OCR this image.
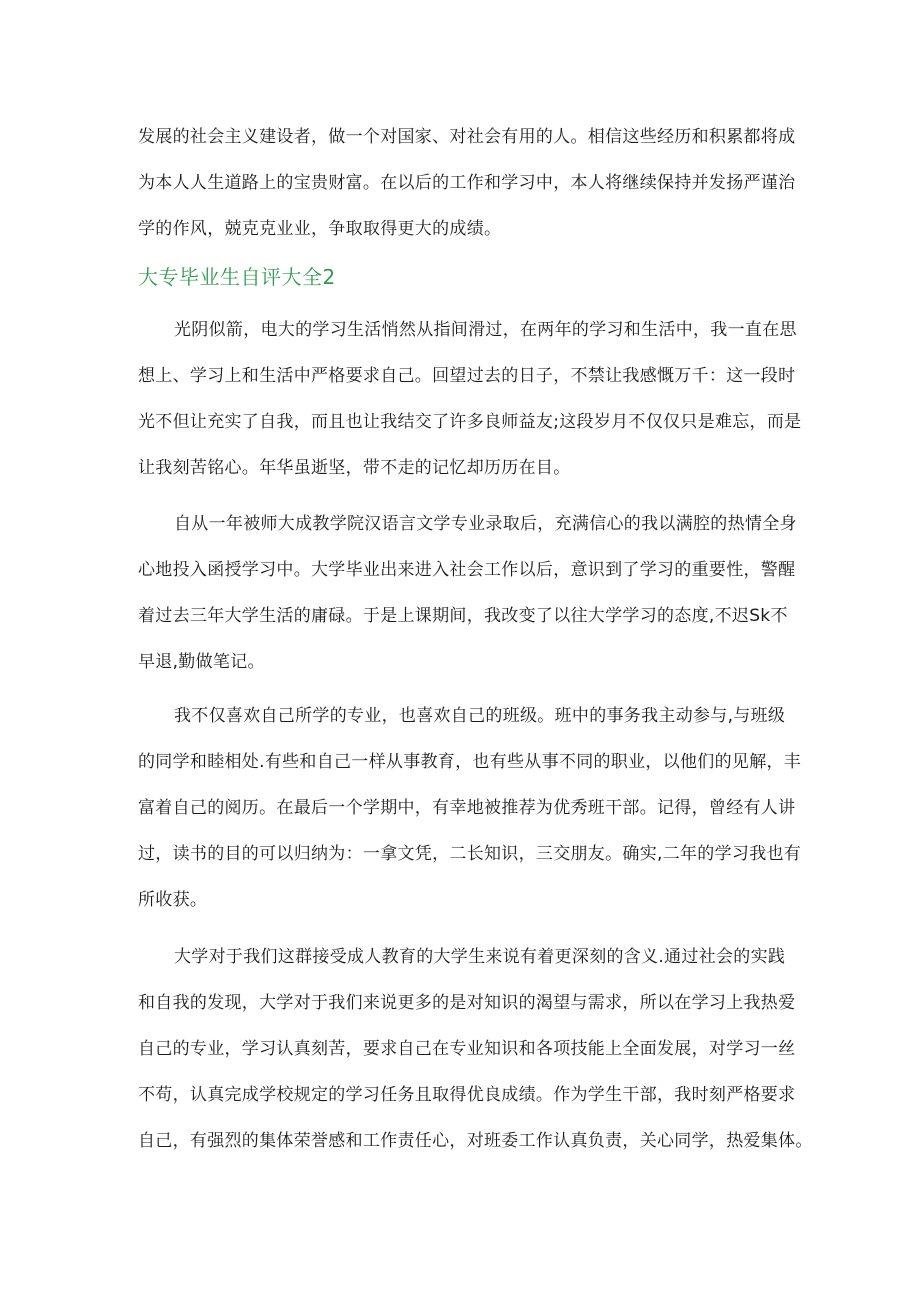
发展的社会主义建设者，做一个对国家、对社会有用的人。相信这些经历和积累都将成
为本人人生道路上的宝贵财富。在以后的工作和学习中，本人将继续保持并发扬严谨治
学的作风，兢克克业业，争取取得更大的成绩。
大专毕业生自评大全2
光阴似箭，电大的学习生活悄然从指间滑过，在两年的学习和生活中，我一直在思
想上、学习上和生活中严格要求自己。回望过去的日子，不禁让我感慨万千：这一段时
光不但让充实了自我，而且也让我结交了许多良师益友;这段岁月不仅仅只是难忘，而是
让我刻苦铭心。年华虽逝坚，带不走的记忆却历历在目。
自从一年被师大成教学院汉语言文学专业录取后，充满信心的我以满腔的热情全身
心地投入函授学习中。大学毕业出来进入社会工作以后，意识到了学习的重要性，警醒
着过去三年大学生活的庸碌。于是上课期间，我改变了以往大学学习的态度,不迟Sk不
早退,勤做笔记。
我不仅喜欢自己所学的专业，也喜欢自己的班级。班中的事务我主动参与,与班级
的同学和睦相处.有些和自己一样从事教育，也有些从事不同的职业，以他们的见解，丰
富着自己的阅历。在最后一个学期中，有幸地被推荐为优秀班干部。记得，曾经有人讲
过，读书的目的可以归纳为：一拿文凭，二长知识，三交朋友。确实,二年的学习我也有
所收获。
大学对于我们这群接受成人教育的大学生来说有着更深刻的含义.通过社会的实践
和自我的发现，大学对于我们来说更多的是对知识的渴望与需求，所以在学习上我热爱
自己的专业，学习认真刻苦，要求自己在专业知识和各项技能上全面发展，对学习一丝
不苟，认真完成学校规定的学习任务且取得优良成绩。作为学生干部，我时刻严格要求
自己，有强烈的集体荣誉感和工作责任心，对班委工作认真负责，关心同学，热爱集体。
